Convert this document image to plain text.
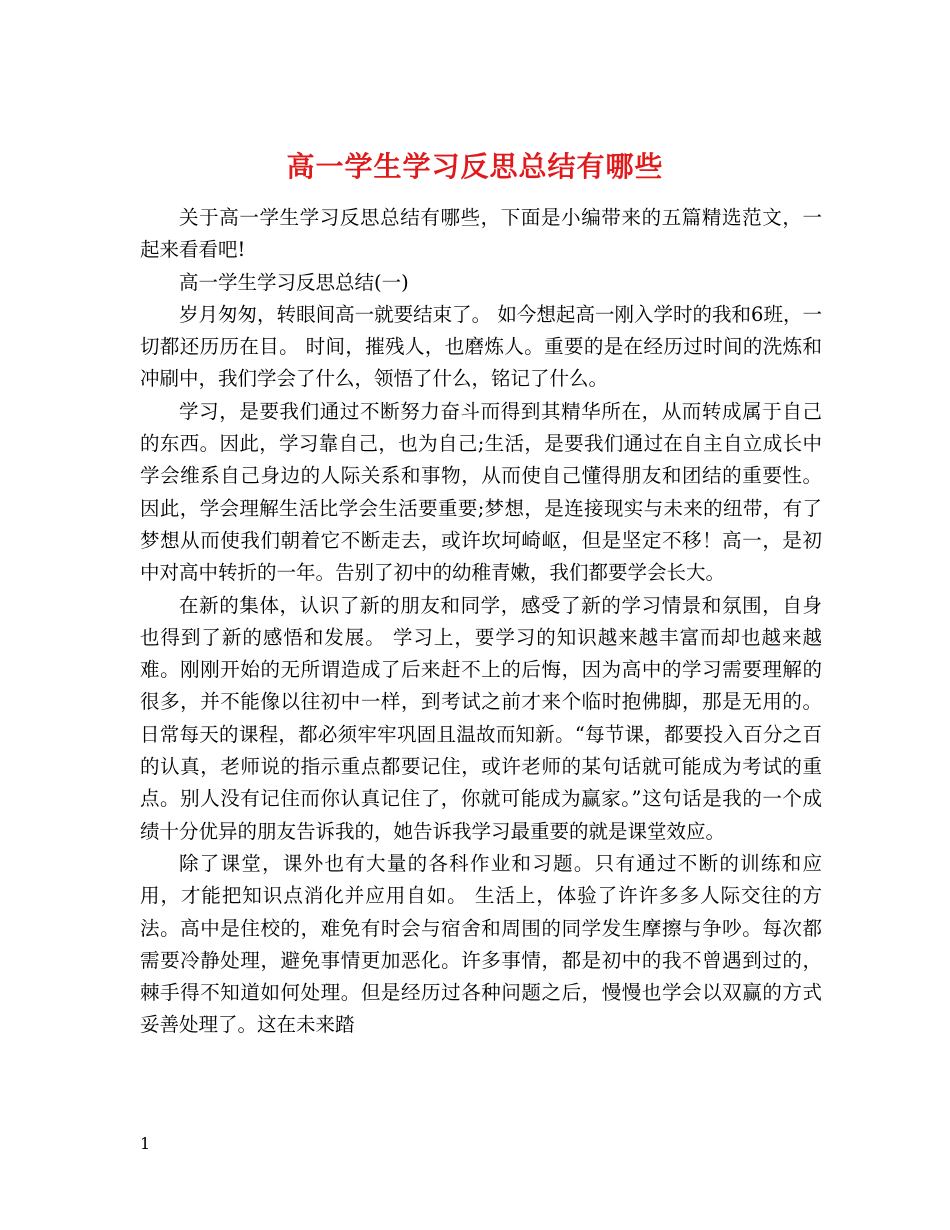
高一学生学习反思总结有哪些

关于高一学生学习反思总结有哪些，下面是小编带来的五篇精选范文，一起来看看吧!

高一学生学习反思总结(一)

岁月匆匆，转眼间高一就要结束了。 如今想起高一刚入学时的我和6班，一切都还历历在目。 时间，摧残人，也磨炼人。重要的是在经历过时间的洗炼和冲刷中，我们学会了什么，领悟了什么，铭记了什么。

学习，是要我们通过不断努力奋斗而得到其精华所在，从而转成属于自己的东西。因此，学习靠自己，也为自己;生活，是要我们通过在自主自立成长中学会维系自己身边的人际关系和事物，从而使自己懂得朋友和团结的重要性。因此，学会理解生活比学会生活要重要;梦想，是连接现实与未来的纽带，有了梦想从而使我们朝着它不断走去，或许坎坷崎岖，但是坚定不移！高一，是初中对高中转折的一年。告别了初中的幼稚青嫩，我们都要学会长大。

在新的集体，认识了新的朋友和同学，感受了新的学习情景和氛围，自身也得到了新的感悟和发展。 学习上，要学习的知识越来越丰富而却也越来越难。刚刚开始的无所谓造成了后来赶不上的后悔，因为高中的学习需要理解的很多，并不能像以往初中一样，到考试之前才来个临时抱佛脚，那是无用的。日常每天的课程，都必须牢牢巩固且温故而知新。“每节课，都要投入百分之百的认真，老师说的指示重点都要记住，或许老师的某句话就可能成为考试的重点。别人没有记住而你认真记住了，你就可能成为赢家。”这句话是我的一个成绩十分优异的朋友告诉我的，她告诉我学习最重要的就是课堂效应。

除了课堂，课外也有大量的各科作业和习题。只有通过不断的训练和应用，才能把知识点消化并应用自如。 生活上，体验了许许多多人际交往的方法。高中是住校的，难免有时会与宿舍和周围的同学发生摩擦与争吵。每次都需要冷静处理，避免事情更加恶化。许多事情，都是初中的我不曾遇到过的，棘手得不知道如何处理。但是经历过各种问题之后，慢慢也学会以双赢的方式妥善处理了。这在未来踏

1
